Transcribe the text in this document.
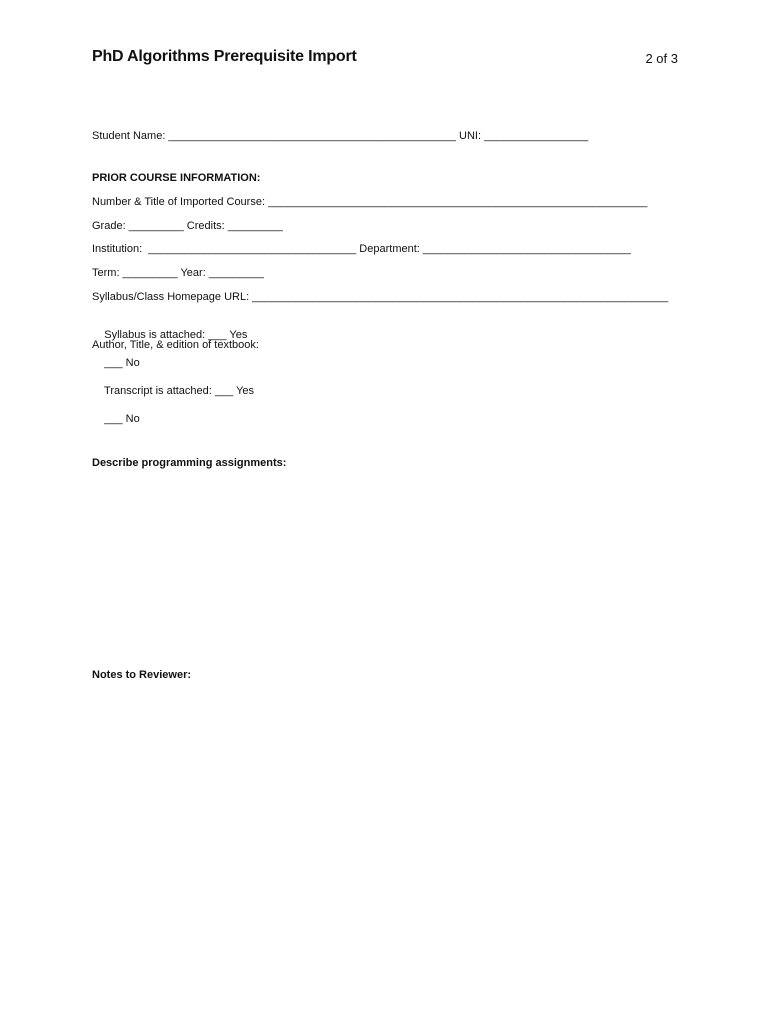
PhD Algorithms Prerequisite Import	2 of 3
Student Name: _______________________________________________ UNI: _________________
PRIOR COURSE INFORMATION:
Number & Title of Imported Course: ______________________________________________________________
Grade: _________ Credits: _________
Institution:  __________________________________ Department: __________________________________
Term: _________ Year: _________
Syllabus/Class Homepage URL: ____________________________________________________________________

Syllabus is attached: ___ Yes

___ No

Transcript is attached: ___ Yes

___ No

Author, Title, & edition of textbook:
Describe programming assignments:
Notes to Reviewer:
